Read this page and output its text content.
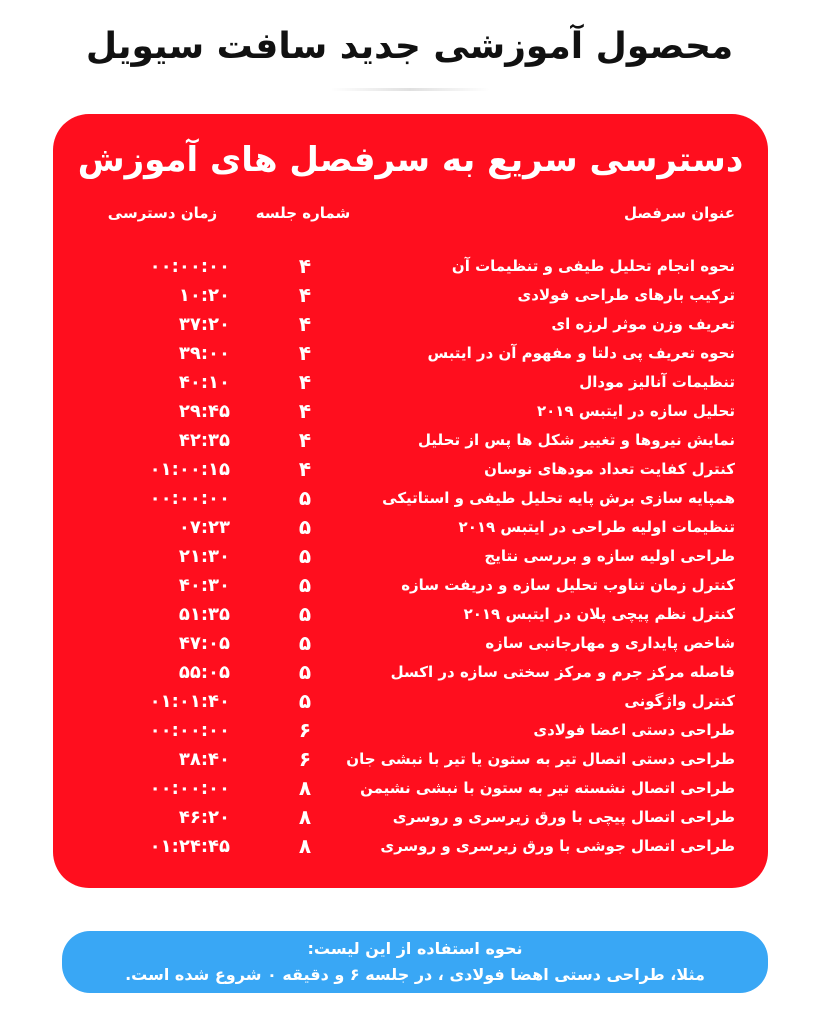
محصول آموزشی جدید سافت سیویل
دسترسی سریع به سرفصل های آموزش
عنوان سرفصل
شماره جلسه
زمان دسترسی
نحوه انجام تحلیل طیفی و تنظیمات آن
۴
۰۰:۰۰:۰۰
ترکیب بارهای طراحی فولادی
۴
۱۰:۲۰
تعریف وزن موثر لرزه ای
۴
۳۷:۲۰
نحوه تعریف پی دلتا و مفهوم آن در ایتبس
۴
۳۹:۰۰
تنظیمات آنالیز مودال
۴
۴۰:۱۰
تحلیل سازه در ایتبس ۲۰۱۹
۴
۲۹:۴۵
نمایش نیروها و تغییر شکل ها پس از تحلیل
۴
۴۲:۳۵
کنترل کفایت تعداد مودهای نوسان
۴
۰۱:۰۰:۱۵
همپایه سازی برش پایه تحلیل طیفی و استاتیکی
۵
۰۰:۰۰:۰۰
تنظیمات اولیه طراحی در ایتبس ۲۰۱۹
۵
۰۷:۲۳
طراحی اولیه سازه و بررسی نتایج
۵
۲۱:۳۰
کنترل زمان تناوب تحلیل سازه و دریفت سازه
۵
۴۰:۳۰
کنترل نظم پیچی پلان در ایتبس ۲۰۱۹
۵
۵۱:۳۵
شاخص پایداری و مهارجانبی سازه
۵
۴۷:۰۵
فاصله مرکز جرم و مرکز سختی سازه در اکسل
۵
۵۵:۰۵
کنترل واژگونی
۵
۰۱:۰۱:۴۰
طراحی دستی اعضا فولادی
۶
۰۰:۰۰:۰۰
طراحی دستی اتصال تیر به ستون یا تیر با نبشی جان
۶
۳۸:۴۰
طراحی اتصال نشسته تیر به ستون با نبشی نشیمن
۸
۰۰:۰۰:۰۰
طراحی اتصال پیچی با ورق زیرسری و روسری
۸
۴۶:۲۰
طراحی اتصال جوشی با ورق زیرسری و روسری
۸
۰۱:۲۴:۴۵
نحوه استفاده از این لیست:
مثلا، طراحی دستی اهضا فولادی ، در جلسه ۶ و دقیقه ۰ شروع شده است.
